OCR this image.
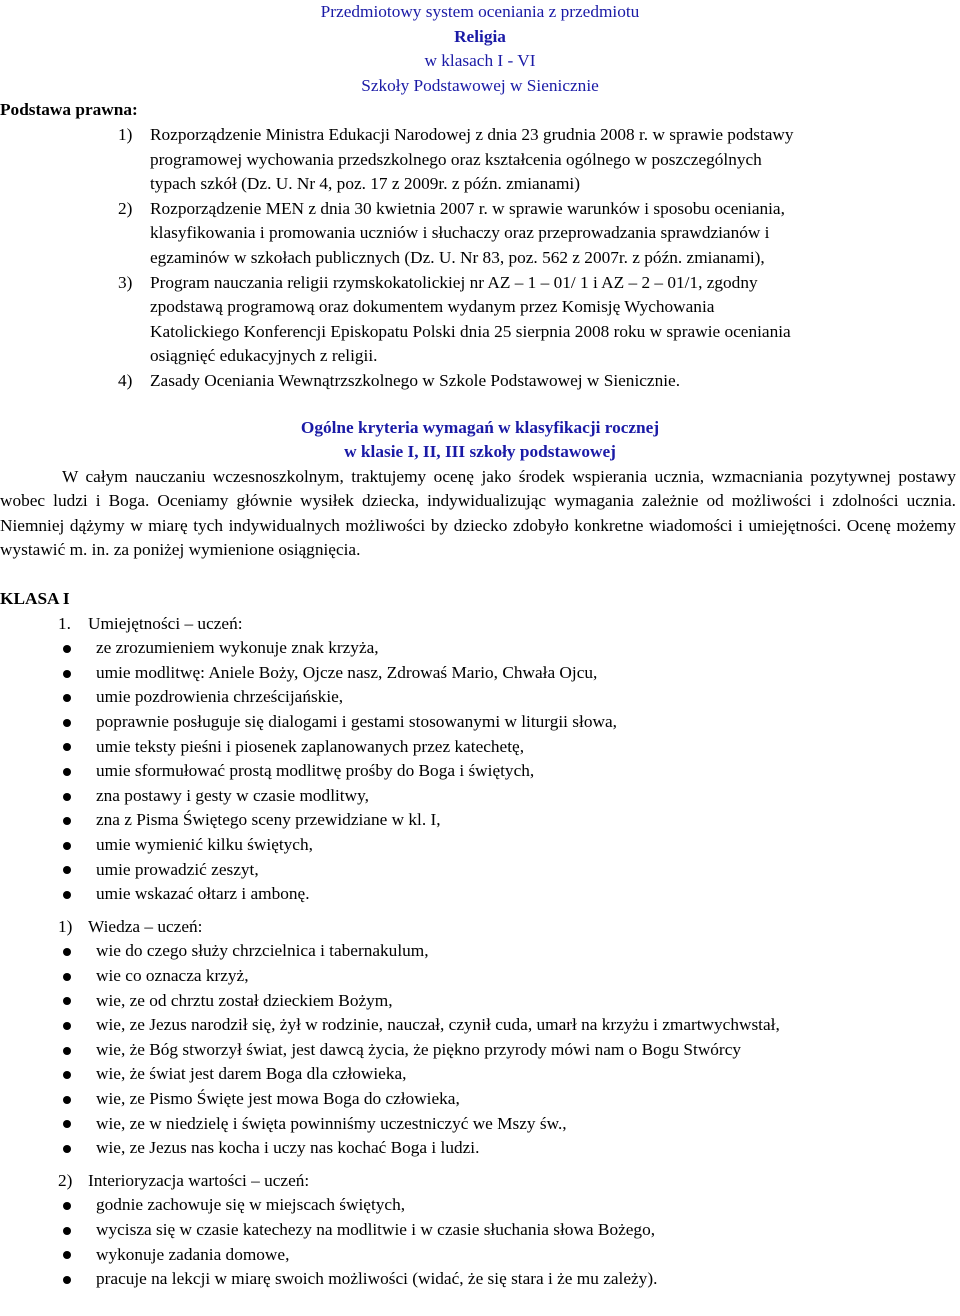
Przedmiotowy system oceniania z przedmiotu
Religia
w klasach I - VI
Szkoły Podstawowej w Sienicznie
Podstawa prawna:
1) Rozporządzenie Ministra Edukacji Narodowej z dnia 23 grudnia 2008 r. w sprawie podstawy
programowej wychowania przedszkolnego oraz kształcenia ogólnego w poszczególnych
typach szkół (Dz. U. Nr 4, poz. 17 z 2009r. z późn. zmianami)
2) Rozporządzenie MEN z dnia 30 kwietnia 2007 r. w sprawie warunków i sposobu oceniania,
klasyfikowania i promowania uczniów i słuchaczy oraz przeprowadzania sprawdzianów i
egzaminów w szkołach publicznych (Dz. U. Nr 83, poz. 562 z 2007r. z późn. zmianami),
3) Program nauczania religii rzymskokatolickiej nr AZ – 1 – 01/ 1 i AZ – 2 – 01/1, zgodny
zpodstawą programową oraz dokumentem wydanym przez Komisję Wychowania
Katolickiego Konferencji Episkopatu Polski dnia 25 sierpnia 2008 roku w sprawie oceniania
osiągnięć edukacyjnych z religii.
4) Zasady Oceniania Wewnątrzszkolnego w Szkole Podstawowej w Sienicznie.
Ogólne kryteria wymagań w klasyfikacji rocznej
w klasie I, II, III szkoły podstawowej

W całym nauczaniu wczesnoszkolnym, traktujemy ocenę jako środek wspierania ucznia, wzmacniania pozytywnej postawy wobec ludzi i Boga. Oceniamy głównie wysiłek dziecka, indywidualizując wymagania zależnie od możliwości i zdolności ucznia. Niemniej dążymy w miarę tych indywidualnych możliwości by dziecko zdobyło konkretne wiadomości i umiejętności. Ocenę możemy wystawić m. in. za poniżej wymienione osiągnięcia.

KLASA I
1. Umiejętności – uczeń:
ze zrozumieniem wykonuje znak krzyża,
umie modlitwę: Aniele Boży, Ojcze nasz, Zdrowaś Mario, Chwała Ojcu,
umie pozdrowienia chrześcijańskie,
poprawnie posługuje się dialogami i gestami stosowanymi w liturgii słowa,
umie teksty pieśni i piosenek zaplanowanych przez katechetę,
umie sformułować prostą modlitwę prośby do Boga i świętych,
zna postawy i gesty w czasie modlitwy,
zna z Pisma Świętego sceny przewidziane w kl. I,
umie wymienić kilku świętych,
umie prowadzić zeszyt,
umie wskazać ołtarz i ambonę.
1) Wiedza – uczeń:
wie do czego służy chrzcielnica i tabernakulum,
wie co oznacza krzyż,
wie, ze od chrztu został dzieckiem Bożym,
wie, ze Jezus narodził się, żył w rodzinie, nauczał, czynił cuda, umarł na krzyżu i zmartwychwstał,
wie, że Bóg stworzył świat, jest dawcą życia, że piękno przyrody mówi nam o Bogu Stwórcy
wie, że świat jest darem Boga dla człowieka,
wie, ze Pismo Święte jest mowa Boga do człowieka,
wie, ze w niedzielę i święta powinniśmy uczestniczyć we Mszy św.,
wie, ze Jezus nas kocha i uczy nas kochać Boga i ludzi.
2) Interioryzacja wartości – uczeń:
godnie zachowuje się w miejscach świętych,
wycisza się w czasie katechezy na modlitwie i w czasie słuchania słowa Bożego,
wykonuje zadania domowe,
pracuje na lekcji w miarę swoich możliwości (widać, że się stara i że mu zależy).
